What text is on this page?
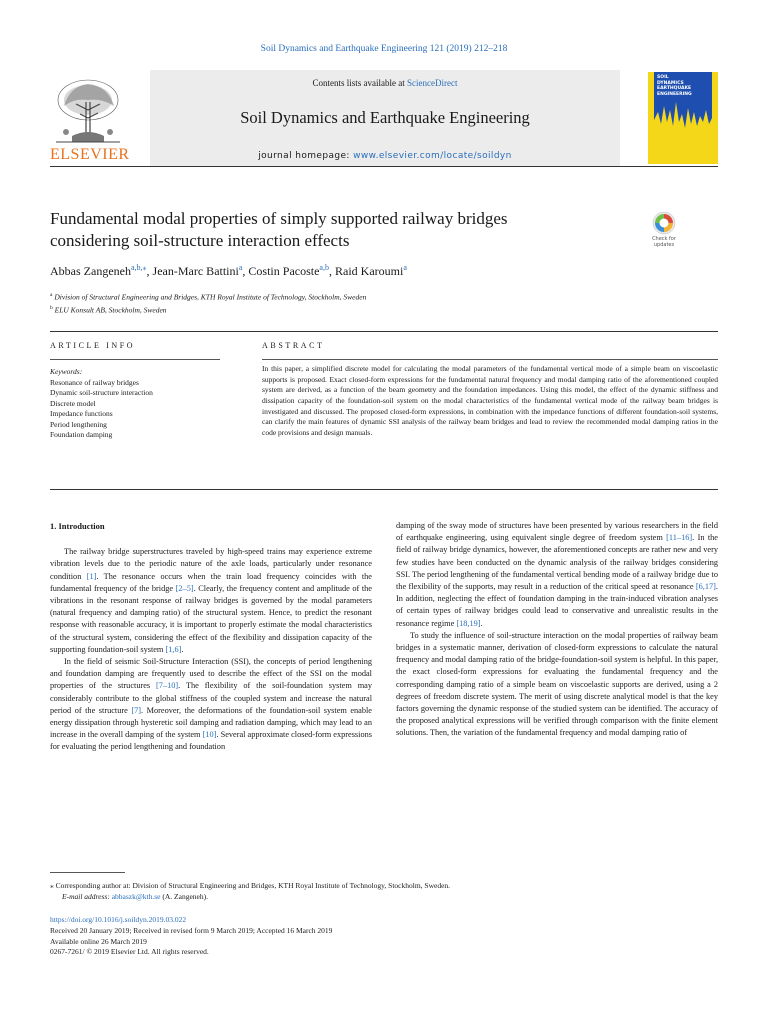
Soil Dynamics and Earthquake Engineering 121 (2019) 212–218
ELSEVIER
Contents lists available at ScienceDirect
Soil Dynamics and Earthquake Engineering
journal homepage: www.elsevier.com/locate/soildyn
SOIL
DYNAMICS
EARTHQUAKE
ENGINEERING
Fundamental modal properties of simply supported railway bridges
considering soil-structure interaction effects	Check for
updates
Abbas Zangeneh$^{a,b,⁎}$, Jean-Marc Battini$^a$, Costin Pacoste$^{a,b}$, Raid Karoumi$^a$
$^a$ Division of Structural Engineering and Bridges, KTH Royal Institute of Technology, Stockholm, Sweden
$^b$ ELU Konsult AB, Stockholm, Sweden
ARTICLE INFO	ABSTRACT
Keywords:
Resonance of railway bridges
Dynamic soil-structure interaction
Discrete model
Impedance functions
Period lengthening
Foundation damping
In this paper, a simplified discrete model for calculating the modal parameters of the fundamental vertical mode of a simple beam on viscoelastic supports is proposed. Exact closed-form expressions for the fundamental natural frequency and modal damping ratio of the aforementioned coupled system are derived, as a function of the beam geometry and the foundation impedances. Using this model, the effect of the dynamic stiffness and dissipation capacity of the foundation-soil system on the modal characteristics of the fundamental vertical mode of the railway beam bridges is investigated and discussed. The proposed closed-form expressions, in combination with the impedance functions of different foundation-soil systems, can clarify the main features of dynamic SSI analysis of the railway beam bridges and lead to review the recommended modal damping ratios in the code provisions and design manuals.
1. Introduction

The railway bridge superstructures traveled by high-speed trains may experience extreme vibration levels due to the periodic nature of the axle loads, particularly under resonance condition [1]. The resonance occurs when the train load frequency coincides with the fundamental frequency of the bridge [2–5]. Clearly, the frequency content and amplitude of the vibrations in the resonant response of railway bridges is governed by the modal parameters (natural frequency and damping ratio) of the structural system. Hence, to predict the resonant response with reasonable accuracy, it is important to properly estimate the modal characteristics of the structural system, considering the effect of the flexibility and dissipation capacity of the supporting foundation-soil system [1,6].

In the field of seismic Soil-Structure Interaction (SSI), the concepts of period lengthening and foundation damping are frequently used to describe the effect of the SSI on the modal properties of the structures [7–10]. The flexibility of the soil-foundation system may considerably contribute to the global stiffness of the coupled system and increase the natural period of the structure [7]. Moreover, the deformations of the foundation-soil system enable energy dissipation through hysteretic soil damping and radiation damping, which may lead to an increase in the overall damping of the system [10]. Several approximate closed-form expressions for evaluating the period lengthening and foundation

damping of the sway mode of structures have been presented by various researchers in the field of earthquake engineering, using equivalent single degree of freedom system [11–16]. In the field of railway bridge dynamics, however, the aforementioned concepts are rather new and very few studies have been conducted on the dynamic analysis of the railway bridges considering SSI. The period lengthening of the fundamental vertical bending mode of a railway bridge due to the flexibility of the supports, may result in a reduction of the critical speed at resonance [6,17]. In addition, neglecting the effect of foundation damping in the train-induced vibration analyses of certain types of railway bridges could lead to conservative and unrealistic results in the resonance regime [18,19].

To study the influence of soil-structure interaction on the modal properties of railway beam bridges in a systematic manner, derivation of closed-form expressions to calculate the natural frequency and modal damping ratio of the bridge-foundation-soil system is helpful. In this paper, the exact closed-form expressions for evaluating the fundamental frequency and the corresponding damping ratio of a simple beam on viscoelastic supports are derived, using a 2 degrees of freedom discrete system. The merit of using discrete analytical model is that the key factors governing the dynamic response of the studied system can be identified. The accuracy of the proposed analytical expressions will be verified through comparison with the finite element solutions. Then, the variation of the fundamental frequency and modal damping ratio of

⁎ Corresponding author at: Division of Structural Engineering and Bridges, KTH Royal Institute of Technology, Stockholm, Sweden.
E-mail address: abbaszk@kth.se (A. Zangeneh).
https://doi.org/10.1016/j.soildyn.2019.03.022
Received 20 January 2019; Received in revised form 9 March 2019; Accepted 16 March 2019
Available online 26 March 2019
0267-7261/ © 2019 Elsevier Ltd. All rights reserved.
